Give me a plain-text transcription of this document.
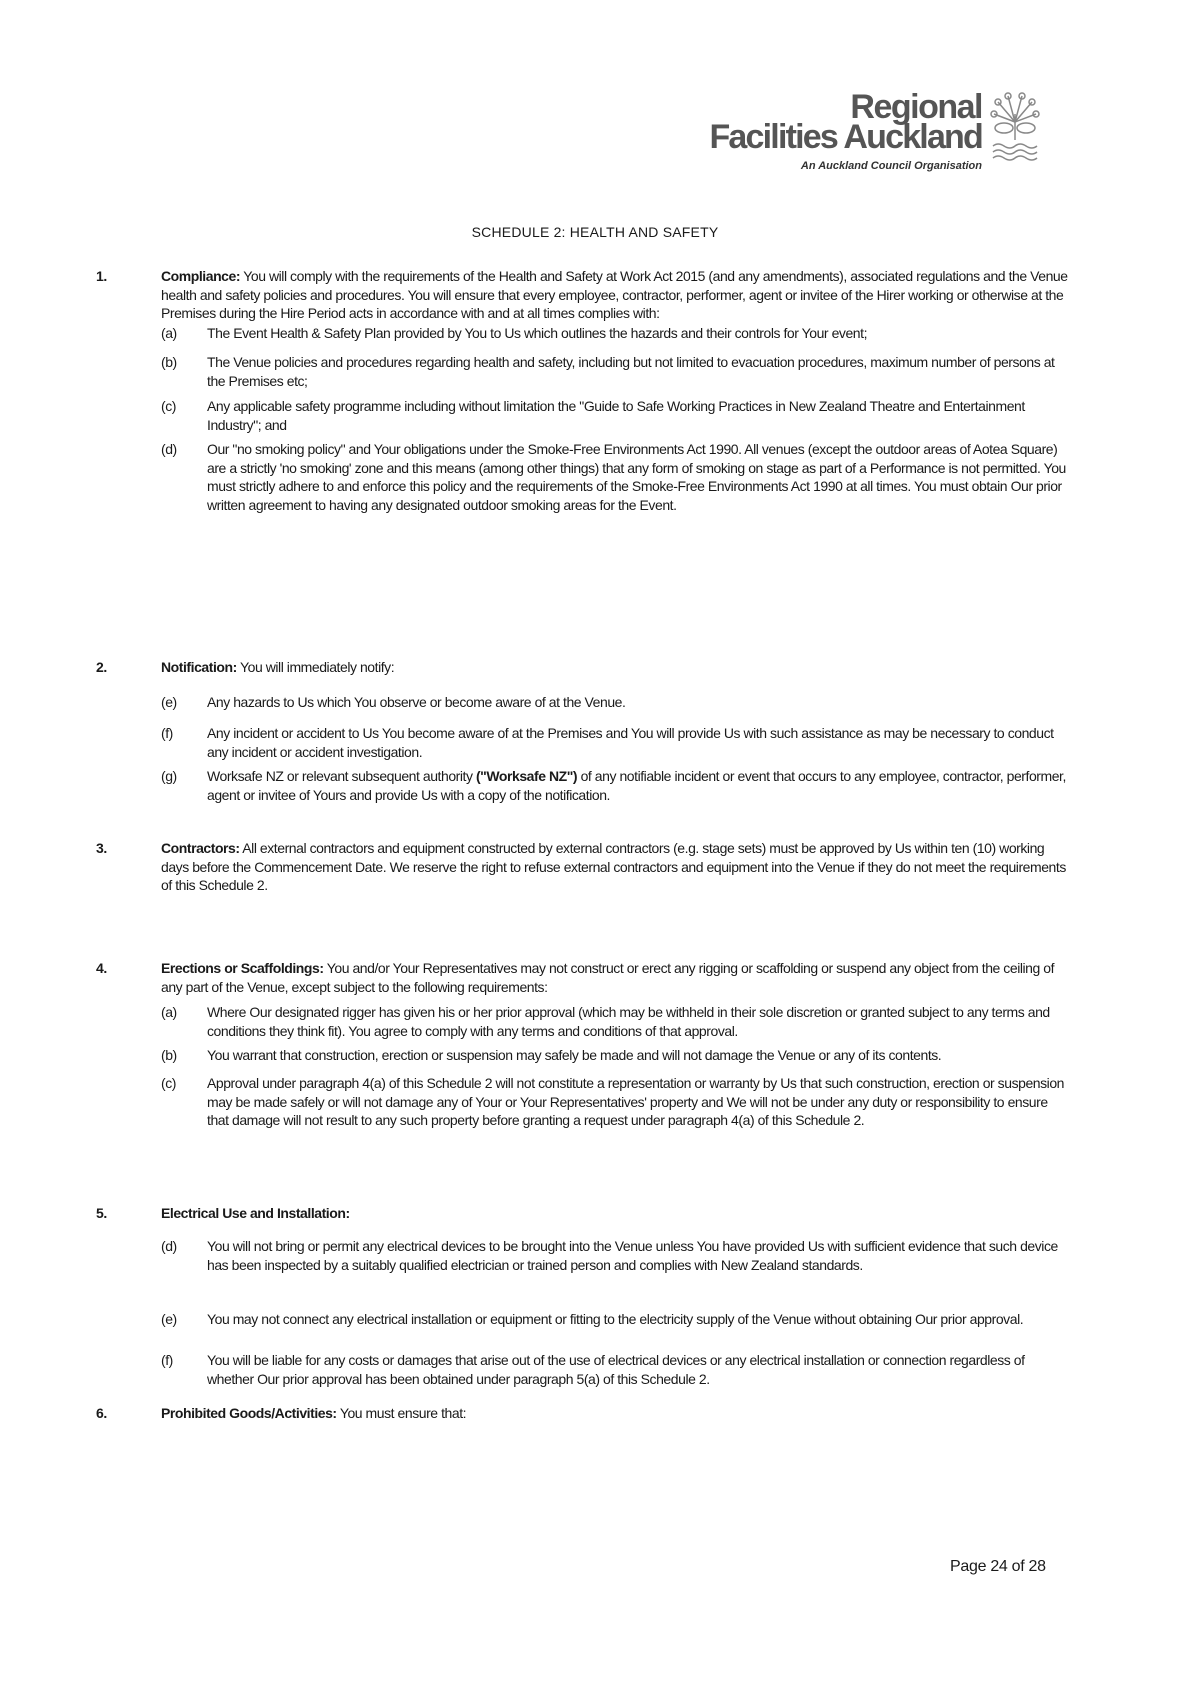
Regional
Facilities Auckland
An Auckland Council Organisation
SCHEDULE 2: HEALTH AND SAFETY
1.	Compliance: You will comply with the requirements of the Health and Safety at Work Act 2015 (and any amendments), associated regulations and the Venue health and safety policies and procedures. You will ensure that every employee, contractor, performer, agent or invitee of the Hirer working or otherwise at the Premises during the Hire Period acts in accordance with and at all times complies with:
(a) The Event Health & Safety Plan provided by You to Us which outlines the hazards and their controls for Your event;
(b) The Venue policies and procedures regarding health and safety, including but not limited to evacuation procedures, maximum number of persons at the Premises etc;
(c) Any applicable safety programme including without limitation the "Guide to Safe Working Practices in New Zealand Theatre and Entertainment Industry"; and
(d) Our "no smoking policy" and Your obligations under the Smoke-Free Environments Act 1990. All venues (except the outdoor areas of Aotea Square) are a strictly 'no smoking' zone and this means (among other things) that any form of smoking on stage as part of a Performance is not permitted. You must strictly adhere to and enforce this policy and the requirements of the Smoke-Free Environments Act 1990 at all times. You must obtain Our prior written agreement to having any designated outdoor smoking areas for the Event.
2.	Notification: You will immediately notify:
(e) Any hazards to Us which You observe or become aware of at the Venue.
(f) Any incident or accident to Us You become aware of at the Premises and You will provide Us with such assistance as may be necessary to conduct any incident or accident investigation.
(g) Worksafe NZ or relevant subsequent authority ("Worksafe NZ") of any notifiable incident or event that occurs to any employee, contractor, performer, agent or invitee of Yours and provide Us with a copy of the notification.
3.	Contractors: All external contractors and equipment constructed by external contractors (e.g. stage sets) must be approved by Us within ten (10) working days before the Commencement Date. We reserve the right to refuse external contractors and equipment into the Venue if they do not meet the requirements of this Schedule 2.
4.	Erections or Scaffoldings: You and/or Your Representatives may not construct or erect any rigging or scaffolding or suspend any object from the ceiling of any part of the Venue, except subject to the following requirements:
(a) Where Our designated rigger has given his or her prior approval (which may be withheld in their sole discretion or granted subject to any terms and conditions they think fit). You agree to comply with any terms and conditions of that approval.
(b) You warrant that construction, erection or suspension may safely be made and will not damage the Venue or any of its contents.
(c) Approval under paragraph 4(a) of this Schedule 2 will not constitute a representation or warranty by Us that such construction, erection or suspension may be made safely or will not damage any of Your or Your Representatives' property and We will not be under any duty or responsibility to ensure that damage will not result to any such property before granting a request under paragraph 4(a) of this Schedule 2.
5.	Electrical Use and Installation:
(d) You will not bring or permit any electrical devices to be brought into the Venue unless You have provided Us with sufficient evidence that such device has been inspected by a suitably qualified electrician or trained person and complies with New Zealand standards.
(e) You may not connect any electrical installation or equipment or fitting to the electricity supply of the Venue without obtaining Our prior approval.
(f) You will be liable for any costs or damages that arise out of the use of electrical devices or any electrical installation or connection regardless of whether Our prior approval has been obtained under paragraph 5(a) of this Schedule 2.
6.	Prohibited Goods/Activities: You must ensure that:
Page 24 of 28
